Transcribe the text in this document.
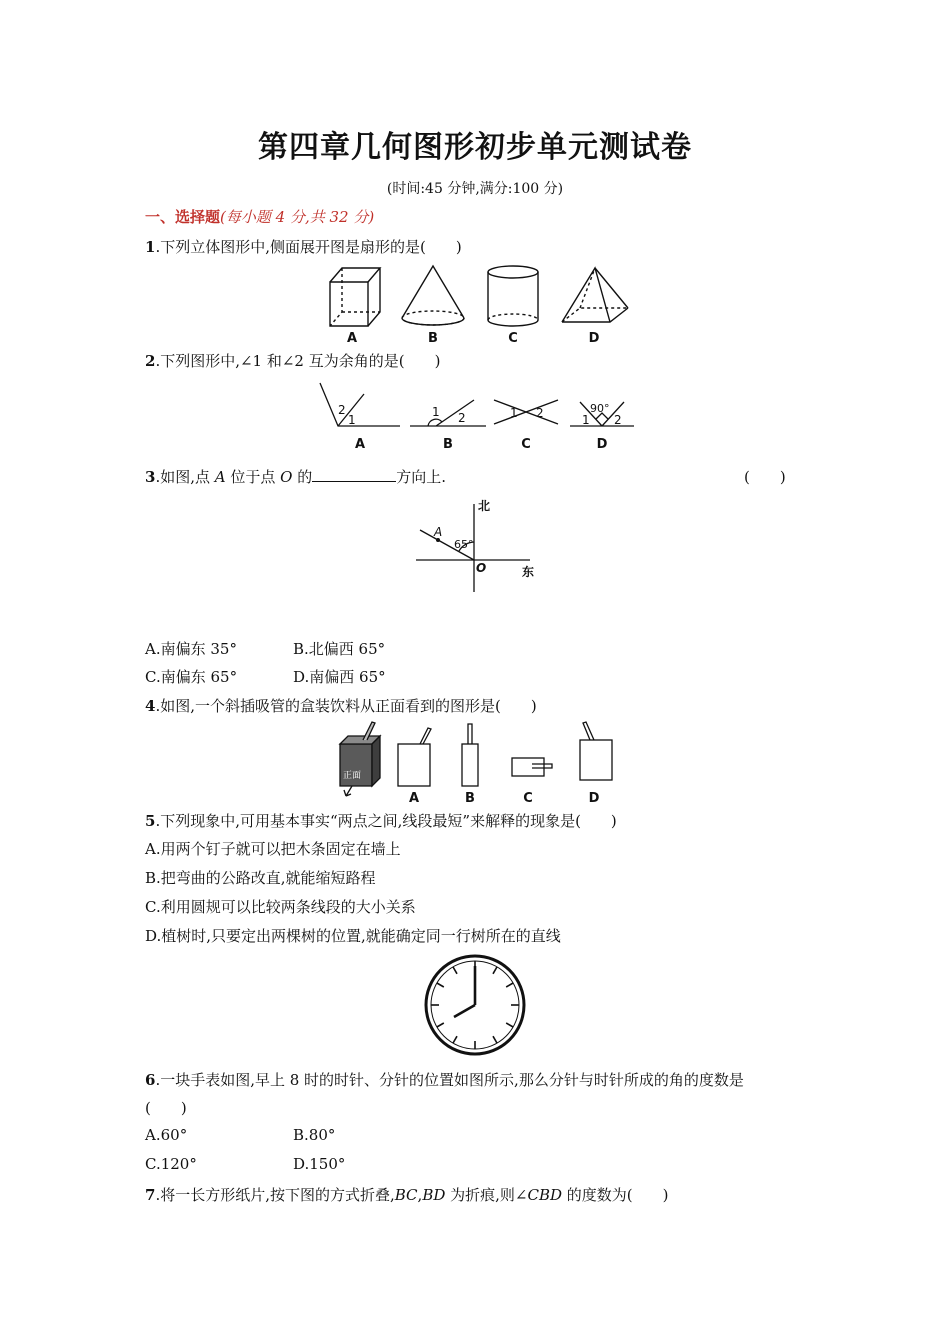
第四章几何图形初步单元测试卷
(时间:45 分钟,满分:100 分)
一、选择题(每小题 4 分,共 32 分)
1.下列立体图形中,侧面展开图是扇形的是(　　)
A	B	C	D
2.下列图形中,∠1 和∠2 互为余角的是(　　)
2
1
1 2	1 2	90°
1 2
A	B	C	D
3.如图,点 A 位于点 O 的	方向上.	(　　)
北
东
A
O
65°
A.南偏东 35°	B.北偏西 65°
C.南偏东 65°	D.南偏西 65°
4.如图,一个斜插吸管的盒装饮料从正面看到的图形是(　　)
正面
A	B	C	D
5.下列现象中,可用基本事实“两点之间,线段最短”来解释的现象是(　　)
A.用两个钉子就可以把木条固定在墙上
B.把弯曲的公路改直,就能缩短路程
C.利用圆规可以比较两条线段的大小关系
D.植树时,只要定出两棵树的位置,就能确定同一行树所在的直线
6.一块手表如图,早上 8 时的时针、分针的位置如图所示,那么分针与时针所成的角的度数是
(　　)
A.60°	B.80°
C.120°	D.150°
7.将一长方形纸片,按下图的方式折叠,BC,BD 为折痕,则∠CBD 的度数为(　　)
